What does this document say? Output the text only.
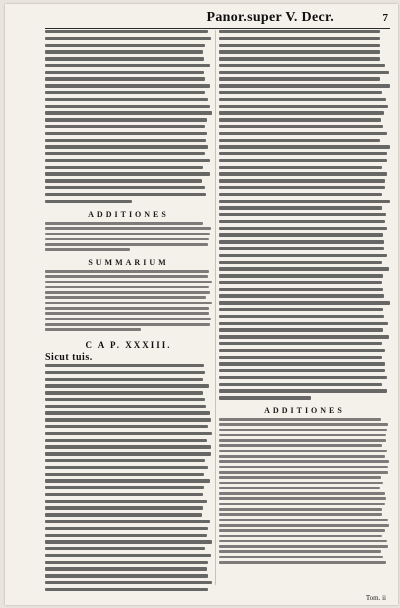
Panor.super V. Decr.	7
ADDITIONES
SUMMARIUM
C A P. XXXIII.
Sicut tuis.
ADDITIONES
Tom. ii
